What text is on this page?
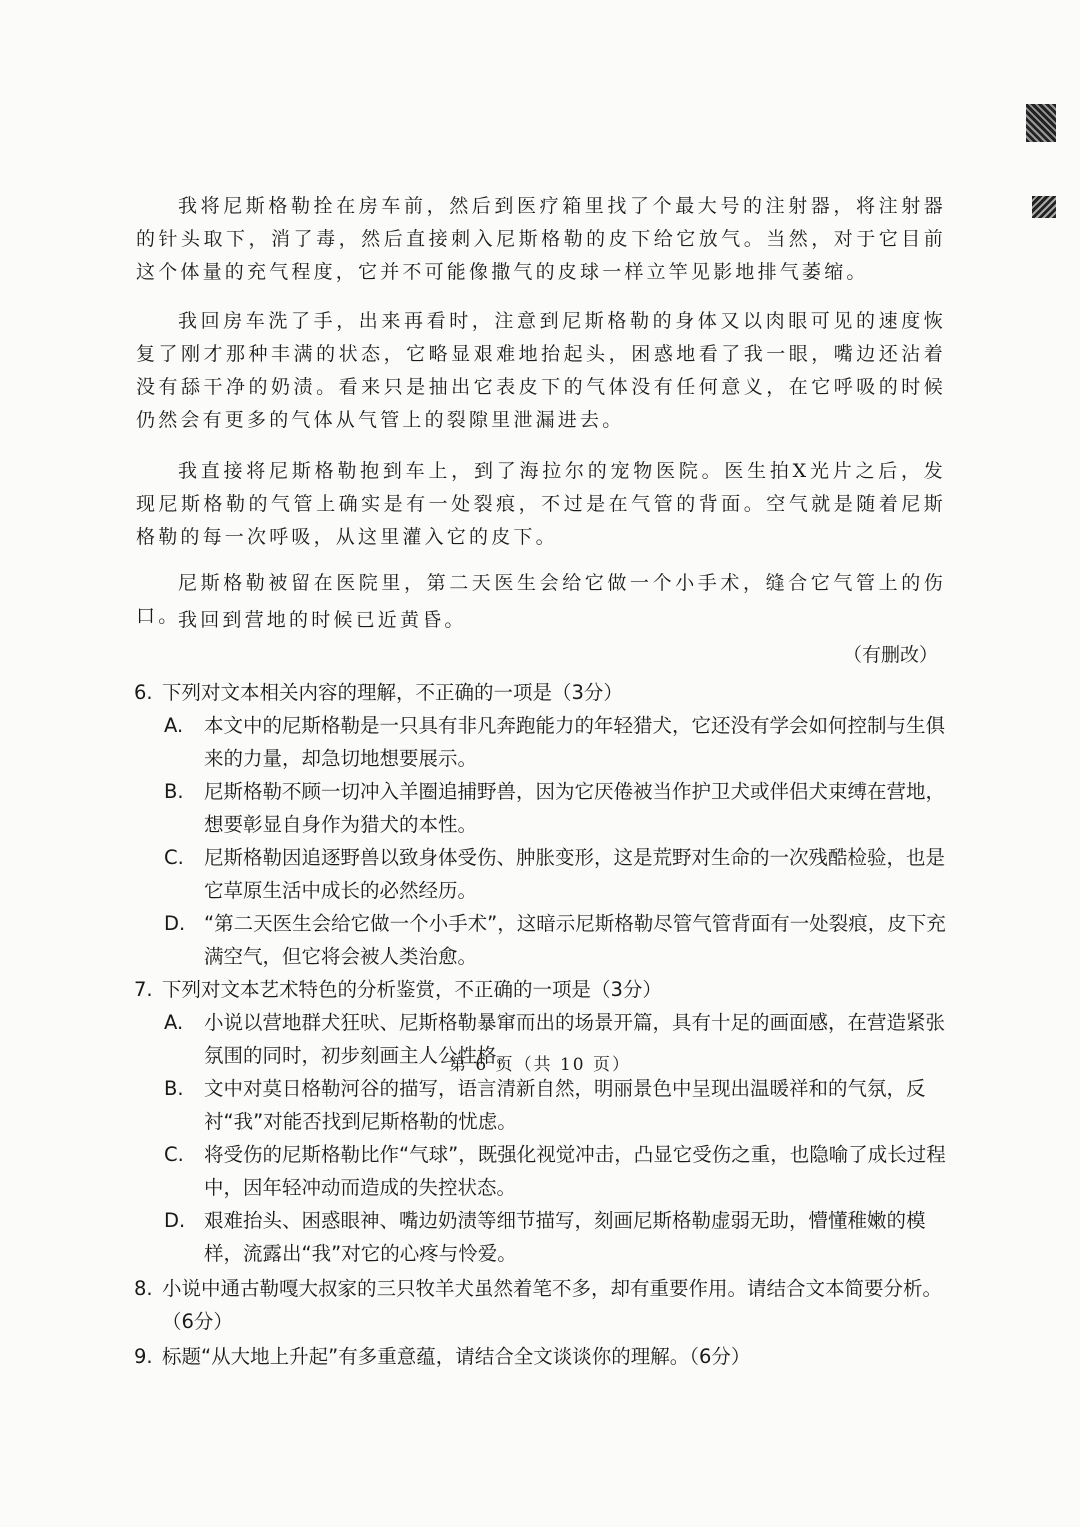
我将尼斯格勒拴在房车前，然后到医疗箱里找了个最大号的注射器，将注射器的针头取下，消了毒，然后直接刺入尼斯格勒的皮下给它放气。当然，对于它目前这个体量的充气程度，它并不可能像撒气的皮球一样立竿见影地排气萎缩。

我回房车洗了手，出来再看时，注意到尼斯格勒的身体又以肉眼可见的速度恢复了刚才那种丰满的状态，它略显艰难地抬起头，困惑地看了我一眼，嘴边还沾着没有舔干净的奶渍。看来只是抽出它表皮下的气体没有任何意义，在它呼吸的时候仍然会有更多的气体从气管上的裂隙里泄漏进去。

我直接将尼斯格勒抱到车上，到了海拉尔的宠物医院。医生拍X光片之后，发现尼斯格勒的气管上确实是有一处裂痕，不过是在气管的背面。空气就是随着尼斯格勒的每一次呼吸，从这里灌入它的皮下。

尼斯格勒被留在医院里，第二天医生会给它做一个小手术，缝合它气管上的伤口。

我回到营地的时候已近黄昏。

（有删改）
6. 下列对文本相关内容的理解，不正确的一项是（3分）
A. 本文中的尼斯格勒是一只具有非凡奔跑能力的年轻猎犬，它还没有学会如何控制与生俱来的力量，却急切地想要展示。
B. 尼斯格勒不顾一切冲入羊圈追捕野兽，因为它厌倦被当作护卫犬或伴侣犬束缚在营地，想要彰显自身作为猎犬的本性。
C. 尼斯格勒因追逐野兽以致身体受伤、肿胀变形，这是荒野对生命的一次残酷检验，也是它草原生活中成长的必然经历。
D. “第二天医生会给它做一个小手术”，这暗示尼斯格勒尽管气管背面有一处裂痕，皮下充满空气，但它将会被人类治愈。
7. 下列对文本艺术特色的分析鉴赏，不正确的一项是（3分）
A. 小说以营地群犬狂吠、尼斯格勒暴窜而出的场景开篇，具有十足的画面感，在营造紧张氛围的同时，初步刻画主人公性格。
B. 文中对莫日格勒河谷的描写，语言清新自然，明丽景色中呈现出温暖祥和的气氛，反衬“我”对能否找到尼斯格勒的忧虑。
C. 将受伤的尼斯格勒比作“气球”，既强化视觉冲击，凸显它受伤之重，也隐喻了成长过程中，因年轻冲动而造成的失控状态。
D. 艰难抬头、困惑眼神、嘴边奶渍等细节描写，刻画尼斯格勒虚弱无助，懵懂稚嫩的模样，流露出“我”对它的心疼与怜爱。
8. 小说中通古勒嘎大叔家的三只牧羊犬虽然着笔不多，却有重要作用。请结合文本简要分析。（6分）
9. 标题“从大地上升起”有多重意蕴，请结合全文谈谈你的理解。（6分）
第 6 页（共 10 页）
